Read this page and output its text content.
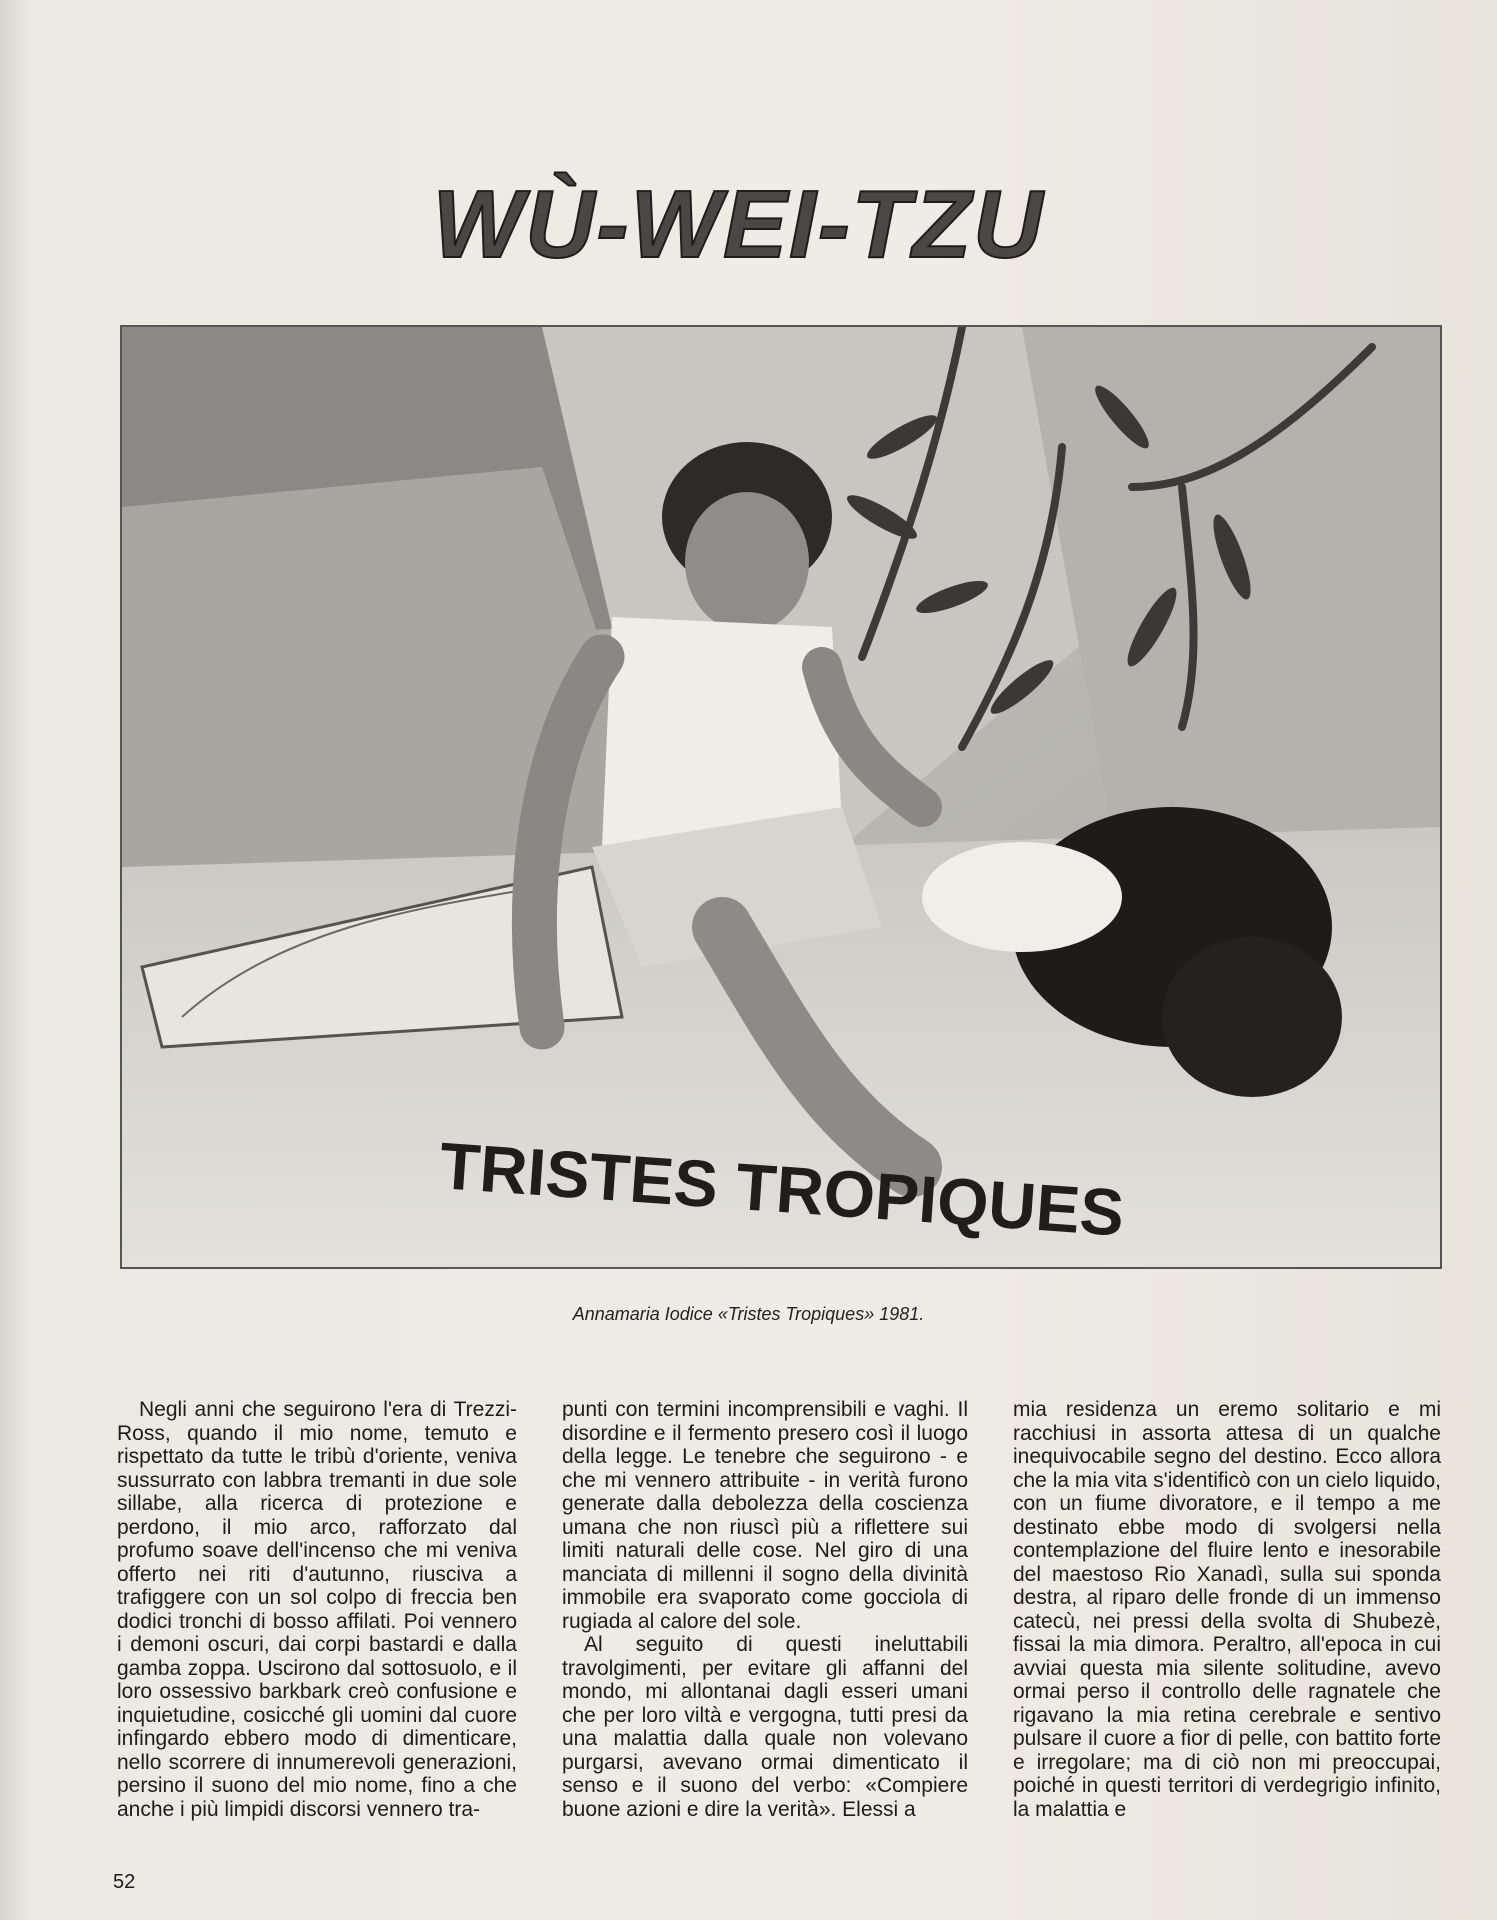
WÙ-WEI-TZU
TRISTES TROPIQUES
Annamaria Iodice «Tristes Tropiques» 1981.

Negli anni che seguirono l'era di Trezzi-Ross, quando il mio nome, temuto e rispettato da tutte le tribù d'oriente, veniva sussurrato con labbra tremanti in due sole sillabe, alla ricerca di protezione e perdono, il mio arco, rafforzato dal profumo soave dell'incenso che mi veniva offerto nei riti d'autunno, riusciva a trafiggere con un sol colpo di freccia ben dodici tronchi di bosso affilati. Poi vennero i demoni oscuri, dai corpi bastardi e dalla gamba zoppa. Uscirono dal sottosuolo, e il loro ossessivo barkbark creò confusione e inquietudine, cosicché gli uomini dal cuore infingardo ebbero modo di dimenticare, nello scorrere di innumerevoli generazioni, persino il suono del mio nome, fino a che anche i più limpidi discorsi vennero tra-

punti con termini incomprensibili e vaghi. Il disordine e il fermento presero così il luogo della legge. Le tenebre che seguirono - e che mi vennero attribuite - in verità furono generate dalla debolezza della coscienza umana che non riuscì più a riflettere sui limiti naturali delle cose. Nel giro di una manciata di millenni il sogno della divinità immobile era svaporato come gocciola di rugiada al calore del sole.

Al seguito di questi ineluttabili travolgimenti, per evitare gli affanni del mondo, mi allontanai dagli esseri umani che per loro viltà e vergogna, tutti presi da una malattia dalla quale non volevano purgarsi, avevano ormai dimenticato il senso e il suono del verbo: «Compiere buone azioni e dire la verità». Elessi a

mia residenza un eremo solitario e mi racchiusi in assorta attesa di un qualche inequivocabile segno del destino. Ecco allora che la mia vita s'identificò con un cielo liquido, con un fiume divoratore, e il tempo a me destinato ebbe modo di svolgersi nella contemplazione del fluire lento e inesorabile del maestoso Rio Xanadì, sulla sui sponda destra, al riparo delle fronde di un immenso catecù, nei pressi della svolta di Shubezè, fissai la mia dimora. Peraltro, all'epoca in cui avviai questa mia silente solitudine, avevo ormai perso il controllo delle ragnatele che rigavano la mia retina cerebrale e sentivo pulsare il cuore a fior di pelle, con battito forte e irregolare; ma di ciò non mi preoccupai, poiché in questi territori di verdegrigio infinito, la malattia e

52
